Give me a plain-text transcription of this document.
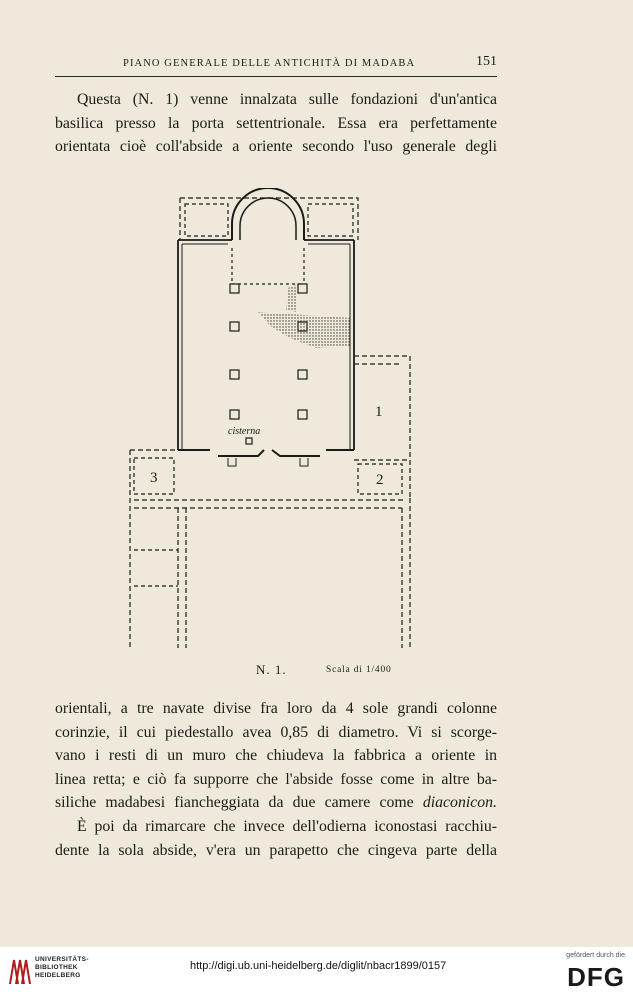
PIANO GENERALE DELLE ANTICHITÀ DI MADABA	151

Questa (N. 1) venne innalzata sulle fondazioni d'un'antica
basilica presso la porta settentrionale. Essa era perfettamente
orientata cioè coll'abside a oriente secondo l'uso generale degli

cisterna
1
2
3
N. 1.	Scala di 1/400

orientali, a tre navate divise fra loro da 4 sole grandi colonne
corinzie, il cui piedestallo avea 0,85 di diametro. Vi si scorge-
vano i resti di un muro che chiudeva la fabbrica a oriente in
linea retta; e ciò fa supporre che l'abside fosse come in altre ba-
siliche madabesi fiancheggiata da due camere come diaconicon.
È poi da rimarcare che invece dell'odierna iconostasi racchiu-
dente la sola abside, v'era un parapetto che cingeva parte della

UNIVERSITÄTS-
BIBLIOTHEK
HEIDELBERG
http://digi.ub.uni-heidelberg.de/diglit/nbacr1899/0157
gefördert durch die
DFG
